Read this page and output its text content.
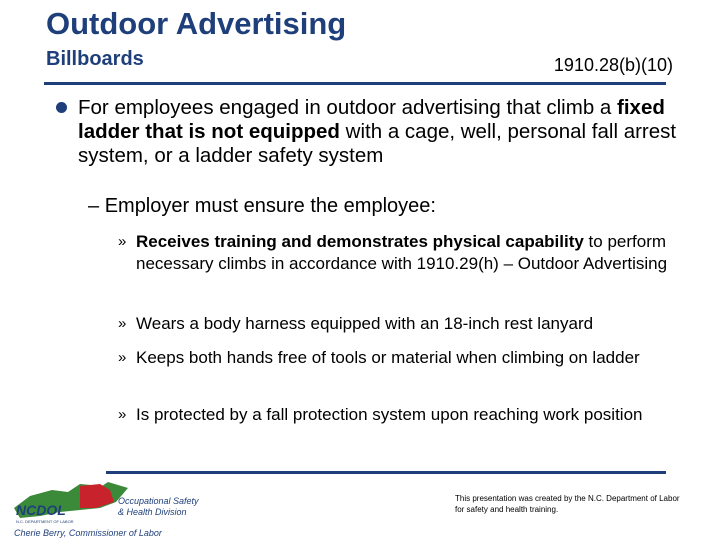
Outdoor Advertising
Billboards	1910.28(b)(10)
For employees engaged in outdoor advertising that climb a fixed ladder that is not equipped with a cage, well, personal fall arrest system, or a ladder safety system
– Employer must ensure the employee:
» Receives training and demonstrates physical capability to perform necessary climbs in accordance with 1910.29(h) – Outdoor Advertising
» Wears a body harness equipped with an 18-inch rest lanyard
» Keeps both hands free of tools or material when climbing on ladder
» Is protected by a fall protection system upon reaching work position
NCDOL
N.C. DEPARTMENT OF LABOR
Occupational Safety
& Health Division
Cherie Berry, Commissioner of Labor
This presentation was created by the N.C. Department of Labor for safety and health training.
